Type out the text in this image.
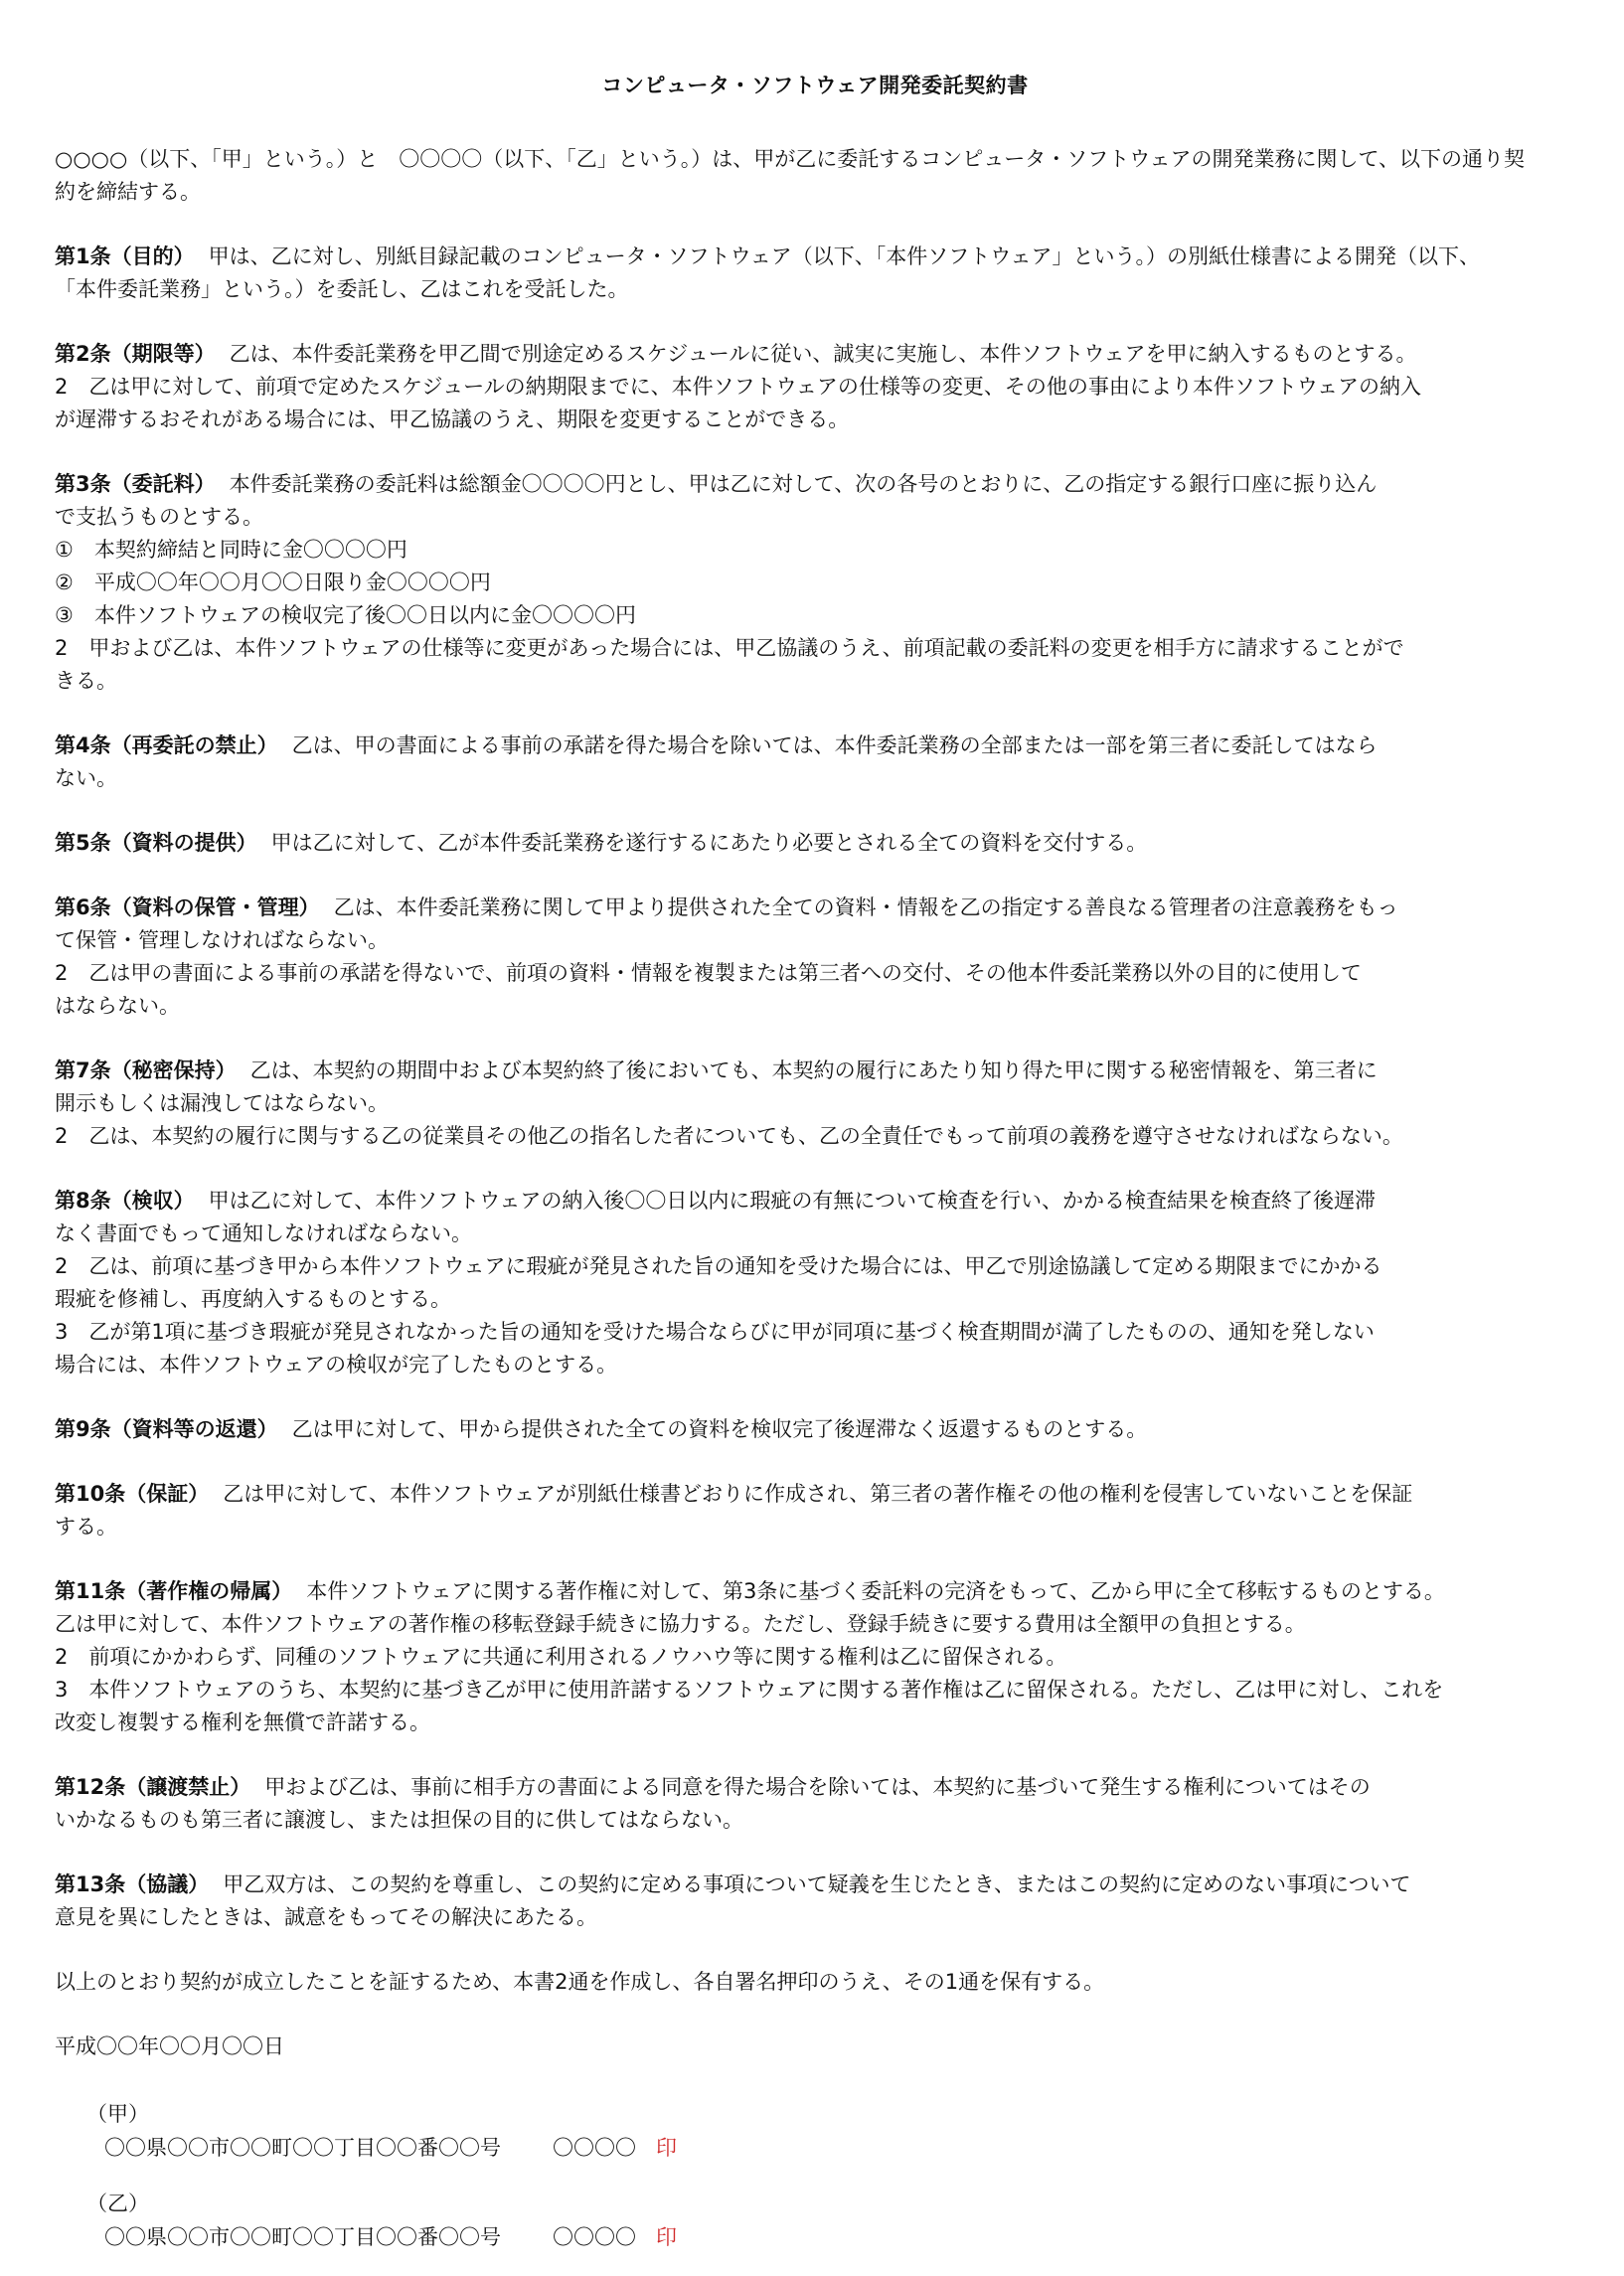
コンピュータ・ソフトウェア開発委託契約書
○○○○（以下、「甲」という。）と　〇〇〇〇（以下、「乙」という。）は、甲が乙に委託するコンピュータ・ソフトウェアの開発業務に関して、以下の通り契
約を締結する。
第1条（目的） 甲は、乙に対し、別紙目録記載のコンピュータ・ソフトウェア（以下、「本件ソフトウェア」という。）の別紙仕様書による開発（以下、
「本件委託業務」という。）を委託し、乙はこれを受託した。
第2条（期限等） 乙は、本件委託業務を甲乙間で別途定めるスケジュールに従い、誠実に実施し、本件ソフトウェアを甲に納入するものとする。
2　乙は甲に対して、前項で定めたスケジュールの納期限までに、本件ソフトウェアの仕様等の変更、その他の事由により本件ソフトウェアの納入
が遅滞するおそれがある場合には、甲乙協議のうえ、期限を変更することができる。
第3条（委託料） 本件委託業務の委託料は総額金〇〇〇〇円とし、甲は乙に対して、次の各号のとおりに、乙の指定する銀行口座に振り込ん
で支払うものとする。
①　本契約締結と同時に金〇〇〇〇円
②　平成〇〇年〇〇月〇〇日限り金〇〇〇〇円
③　本件ソフトウェアの検収完了後〇〇日以内に金〇〇〇〇円
2　甲および乙は、本件ソフトウェアの仕様等に変更があった場合には、甲乙協議のうえ、前項記載の委託料の変更を相手方に請求することがで
きる。
第4条（再委託の禁止） 乙は、甲の書面による事前の承諾を得た場合を除いては、本件委託業務の全部または一部を第三者に委託してはなら
ない。
第5条（資料の提供） 甲は乙に対して、乙が本件委託業務を遂行するにあたり必要とされる全ての資料を交付する。
第6条（資料の保管・管理） 乙は、本件委託業務に関して甲より提供された全ての資料・情報を乙の指定する善良なる管理者の注意義務をもっ
て保管・管理しなければならない。
2　乙は甲の書面による事前の承諾を得ないで、前項の資料・情報を複製または第三者への交付、その他本件委託業務以外の目的に使用して
はならない。
第7条（秘密保持） 乙は、本契約の期間中および本契約終了後においても、本契約の履行にあたり知り得た甲に関する秘密情報を、第三者に
開示もしくは漏洩してはならない。
2　乙は、本契約の履行に関与する乙の従業員その他乙の指名した者についても、乙の全責任でもって前項の義務を遵守させなければならない。
第8条（検収） 甲は乙に対して、本件ソフトウェアの納入後〇〇日以内に瑕疵の有無について検査を行い、かかる検査結果を検査終了後遅滞
なく書面でもって通知しなければならない。
2　乙は、前項に基づき甲から本件ソフトウェアに瑕疵が発見された旨の通知を受けた場合には、甲乙で別途協議して定める期限までにかかる
瑕疵を修補し、再度納入するものとする。
3　乙が第1項に基づき瑕疵が発見されなかった旨の通知を受けた場合ならびに甲が同項に基づく検査期間が満了したものの、通知を発しない
場合には、本件ソフトウェアの検収が完了したものとする。
第9条（資料等の返還） 乙は甲に対して、甲から提供された全ての資料を検収完了後遅滞なく返還するものとする。
第10条（保証） 乙は甲に対して、本件ソフトウェアが別紙仕様書どおりに作成され、第三者の著作権その他の権利を侵害していないことを保証
する。
第11条（著作権の帰属） 本件ソフトウェアに関する著作権に対して、第3条に基づく委託料の完済をもって、乙から甲に全て移転するものとする。
乙は甲に対して、本件ソフトウェアの著作権の移転登録手続きに協力する。ただし、登録手続きに要する費用は全額甲の負担とする。
2　前項にかかわらず、同種のソフトウェアに共通に利用されるノウハウ等に関する権利は乙に留保される。
3　本件ソフトウェアのうち、本契約に基づき乙が甲に使用許諾するソフトウェアに関する著作権は乙に留保される。ただし、乙は甲に対し、これを
改変し複製する権利を無償で許諾する。
第12条（譲渡禁止） 甲および乙は、事前に相手方の書面による同意を得た場合を除いては、本契約に基づいて発生する権利についてはその
いかなるものも第三者に譲渡し、または担保の目的に供してはならない。
第13条（協議） 甲乙双方は、この契約を尊重し、この契約に定める事項について疑義を生じたとき、またはこの契約に定めのない事項について
意見を異にしたときは、誠意をもってその解決にあたる。
以上のとおり契約が成立したことを証するため、本書2通を作成し、各自署名押印のうえ、その1通を保有する。
平成〇〇年〇〇月〇〇日
（甲）
〇〇県〇〇市〇〇町〇〇丁目〇〇番〇〇号 〇〇〇〇 印
（乙）
〇〇県〇〇市〇〇町〇〇丁目〇〇番〇〇号 〇〇〇〇 印
